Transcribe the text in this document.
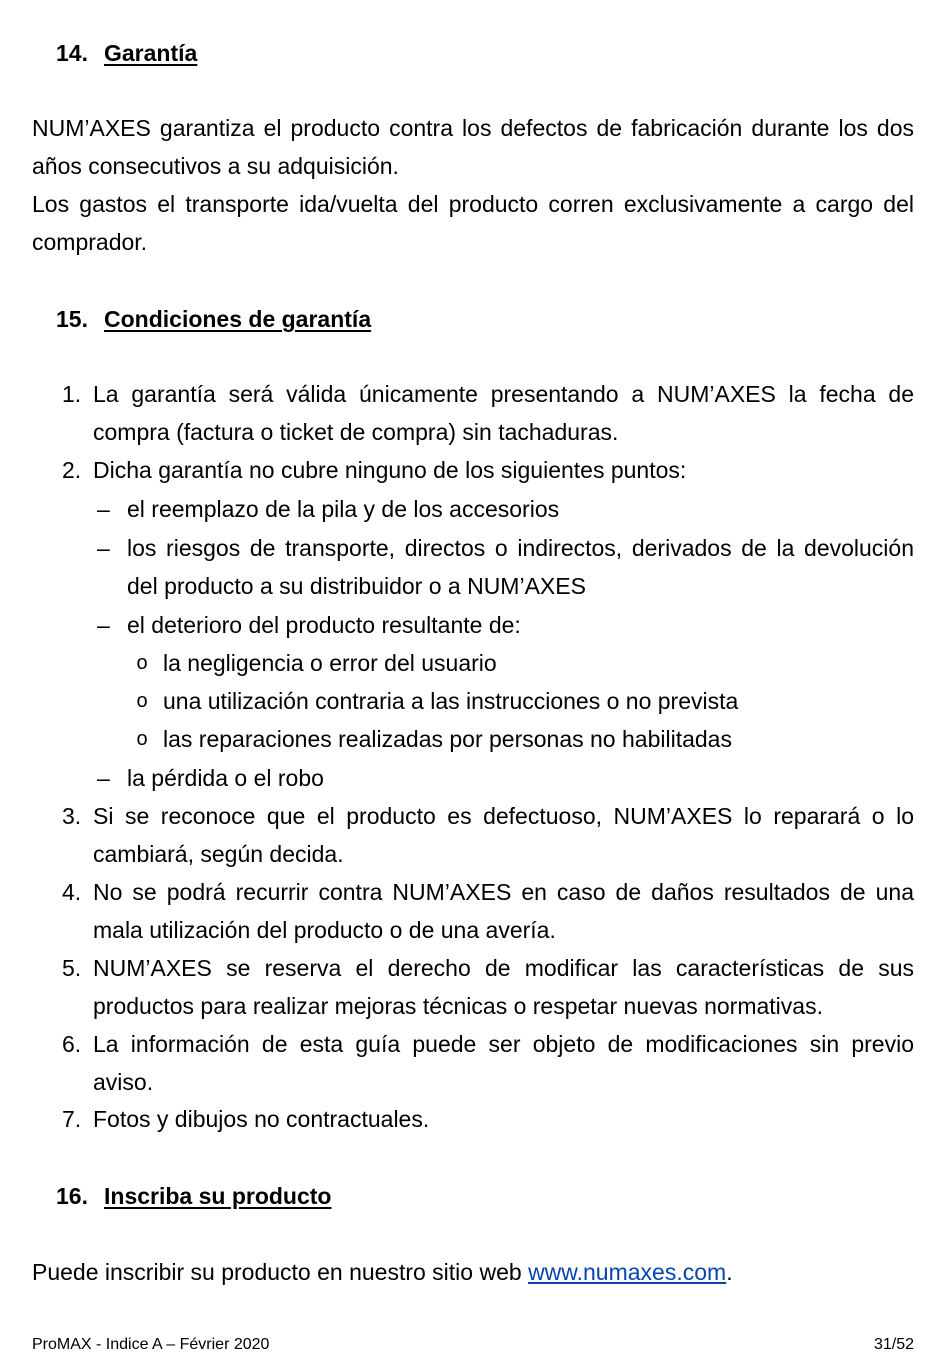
14. Garantía
NUM’AXES garantiza el producto contra los defectos de fabricación durante los dos años consecutivos a su adquisición.
Los gastos el transporte ida/vuelta del producto corren exclusivamente a cargo del comprador.
15. Condiciones de garantía
1. La garantía será válida únicamente presentando a NUM’AXES la fecha de compra (factura o ticket de compra) sin tachaduras.
2. Dicha garantía no cubre ninguno de los siguientes puntos:
– el reemplazo de la pila y de los accesorios
– los riesgos de transporte, directos o indirectos, derivados de la devolución del producto a su distribuidor o a NUM’AXES
– el deterioro del producto resultante de:
o la negligencia o error del usuario
o una utilización contraria a las instrucciones o no prevista
o las reparaciones realizadas por personas no habilitadas
– la pérdida o el robo
3. Si se reconoce que el producto es defectuoso, NUM’AXES lo reparará o lo cambiará, según decida.
4. No se podrá recurrir contra NUM’AXES en caso de daños resultados de una mala utilización del producto o de una avería.
5. NUM’AXES se reserva el derecho de modificar las características de sus productos para realizar mejoras técnicas o respetar nuevas normativas.
6. La información de esta guía puede ser objeto de modificaciones sin previo aviso.
7. Fotos y dibujos no contractuales.
16. Inscriba su producto
Puede inscribir su producto en nuestro sitio web www.numaxes.com.
ProMAX - Indice A – Février 2020	31/52
